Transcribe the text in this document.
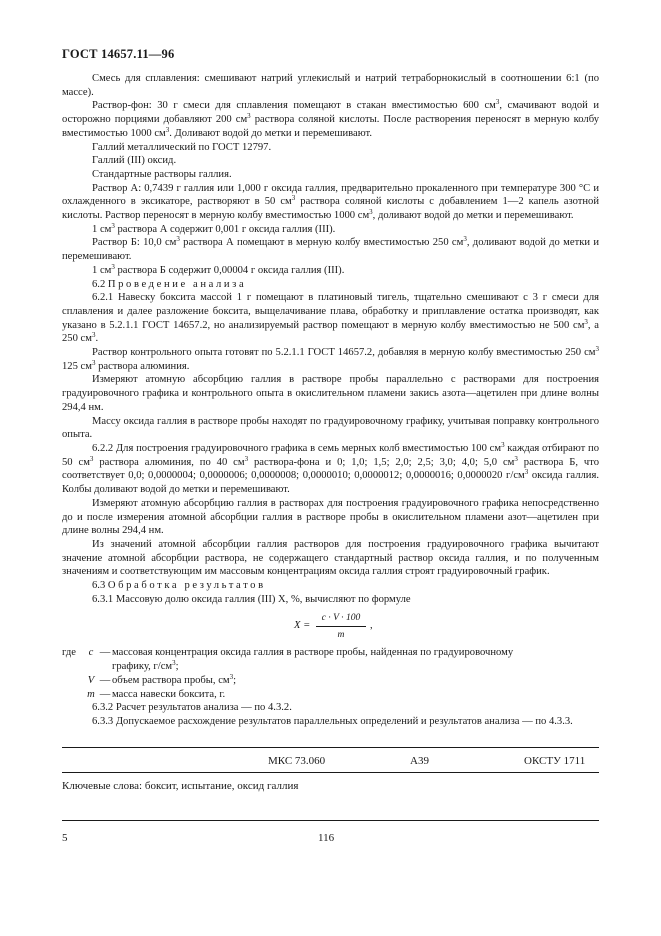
ГОСТ 14657.11—96

Смесь для сплавления: смешивают натрий углекислый и натрий тетраборнокислый в соотношении 6:1 (по массе).

Раствор-фон: 30 г смеси для сплавления помещают в стакан вместимостью 600 $см^3$, смачивают водой и осторожно порциями добавляют 200 $см^3$ раствора соляной кислоты. После растворения переносят в мерную колбу вместимостью 1000 $см^3$. Доливают водой до метки и перемешивают.

Галлий металлический по ГОСТ 12797.

Галлий (III) оксид.

Стандартные растворы галлия.

Раствор А: 0,7439 г галлия или 1,000 г оксида галлия, предварительно прокаленного при температуре 300 °С и охлажденного в эксикаторе, растворяют в 50 $см^3$ раствора соляной кислоты с добавлением 1—2 капель азотной кислоты. Раствор переносят в мерную колбу вместимостью 1000 $см^3$, доливают водой до метки и перемешивают.

1 $см^3$ раствора А содержит 0,001 г оксида галлия (III).

Раствор Б: 10,0 $см^3$ раствора А помещают в мерную колбу вместимостью 250 $см^3$, доливают водой до метки и перемешивают.

1 $см^3$ раствора Б содержит 0,00004 г оксида галлия (III).

6.2 Проведение анализа

6.2.1 Навеску боксита массой 1 г помещают в платиновый тигель, тщательно смешивают с 3 г смеси для сплавления и далее разложение боксита, выщелачивание плава, обработку и приплавление остатка производят, как указано в 5.2.1.1 ГОСТ 14657.2, но анализируемый раствор помещают в мерную колбу вместимостью не 500 $см^3$, а 250 $см^3$.

Раствор контрольного опыта готовят по 5.2.1.1 ГОСТ 14657.2, добавляя в мерную колбу вместимостью 250 $см^3$ 125 $см^3$ раствора алюминия.

Измеряют атомную абсорбцию галлия в растворе пробы параллельно с растворами для построения градуировочного графика и контрольного опыта в окислительном пламени закись азота—ацетилен при длине волны 294,4 нм.

Массу оксида галлия в растворе пробы находят по градуировочному графику, учитывая поправку контрольного опыта.

6.2.2 Для построения градуировочного графика в семь мерных колб вместимостью 100 $см^3$ каждая отбирают по 50 $см^3$ раствора алюминия, по 40 $см^3$ раствора-фона и 0; 1,0; 1,5; 2,0; 2,5; 3,0; 4,0; 5,0 $см^3$ раствора Б, что соответствует 0,0; 0,0000004; 0,0000006; 0,0000008; 0,0000010; 0,0000012; 0,0000016; 0,0000020 $г/см^3$ оксида галлия. Колбы доливают водой до метки и перемешивают.

Измеряют атомную абсорбцию галлия в растворах для построения градуировочного графика непосредственно до и после измерения атомной абсорбции галлия в растворе пробы в окислительном пламени азот—ацетилен при длине волны 294,4 нм.

Из значений атомной абсорбции галлия растворов для построения градуировочного графика вычитают значение атомной абсорбции раствора, не содержащего стандартный раствор оксида галлия, и по полученным значениям и соответствующим им массовым концентрациям оксида галлия строят градуировочный график.

6.3 Обработка результатов

6.3.1 Массовую долю оксида галлия (III) X, %, вычисляют по формуле

$X = \frac{c \cdot V \cdot 100}{m}$ ,
где	c — массовая концентрация оксида галлия в растворе пробы, найденная по градуировочному
графику, $г/см^3$;
V — объем раствора пробы, $см^3$;
m — масса навески боксита, г.

6.3.2 Расчет результатов анализа — по 4.3.2.

6.3.3 Допускаемое расхождение результатов параллельных определений и результатов анализа — по 4.3.3.

МКС 73.060	А39	ОКСТУ 1711
Ключевые слова: боксит, испытание, оксид галлия
5	116
